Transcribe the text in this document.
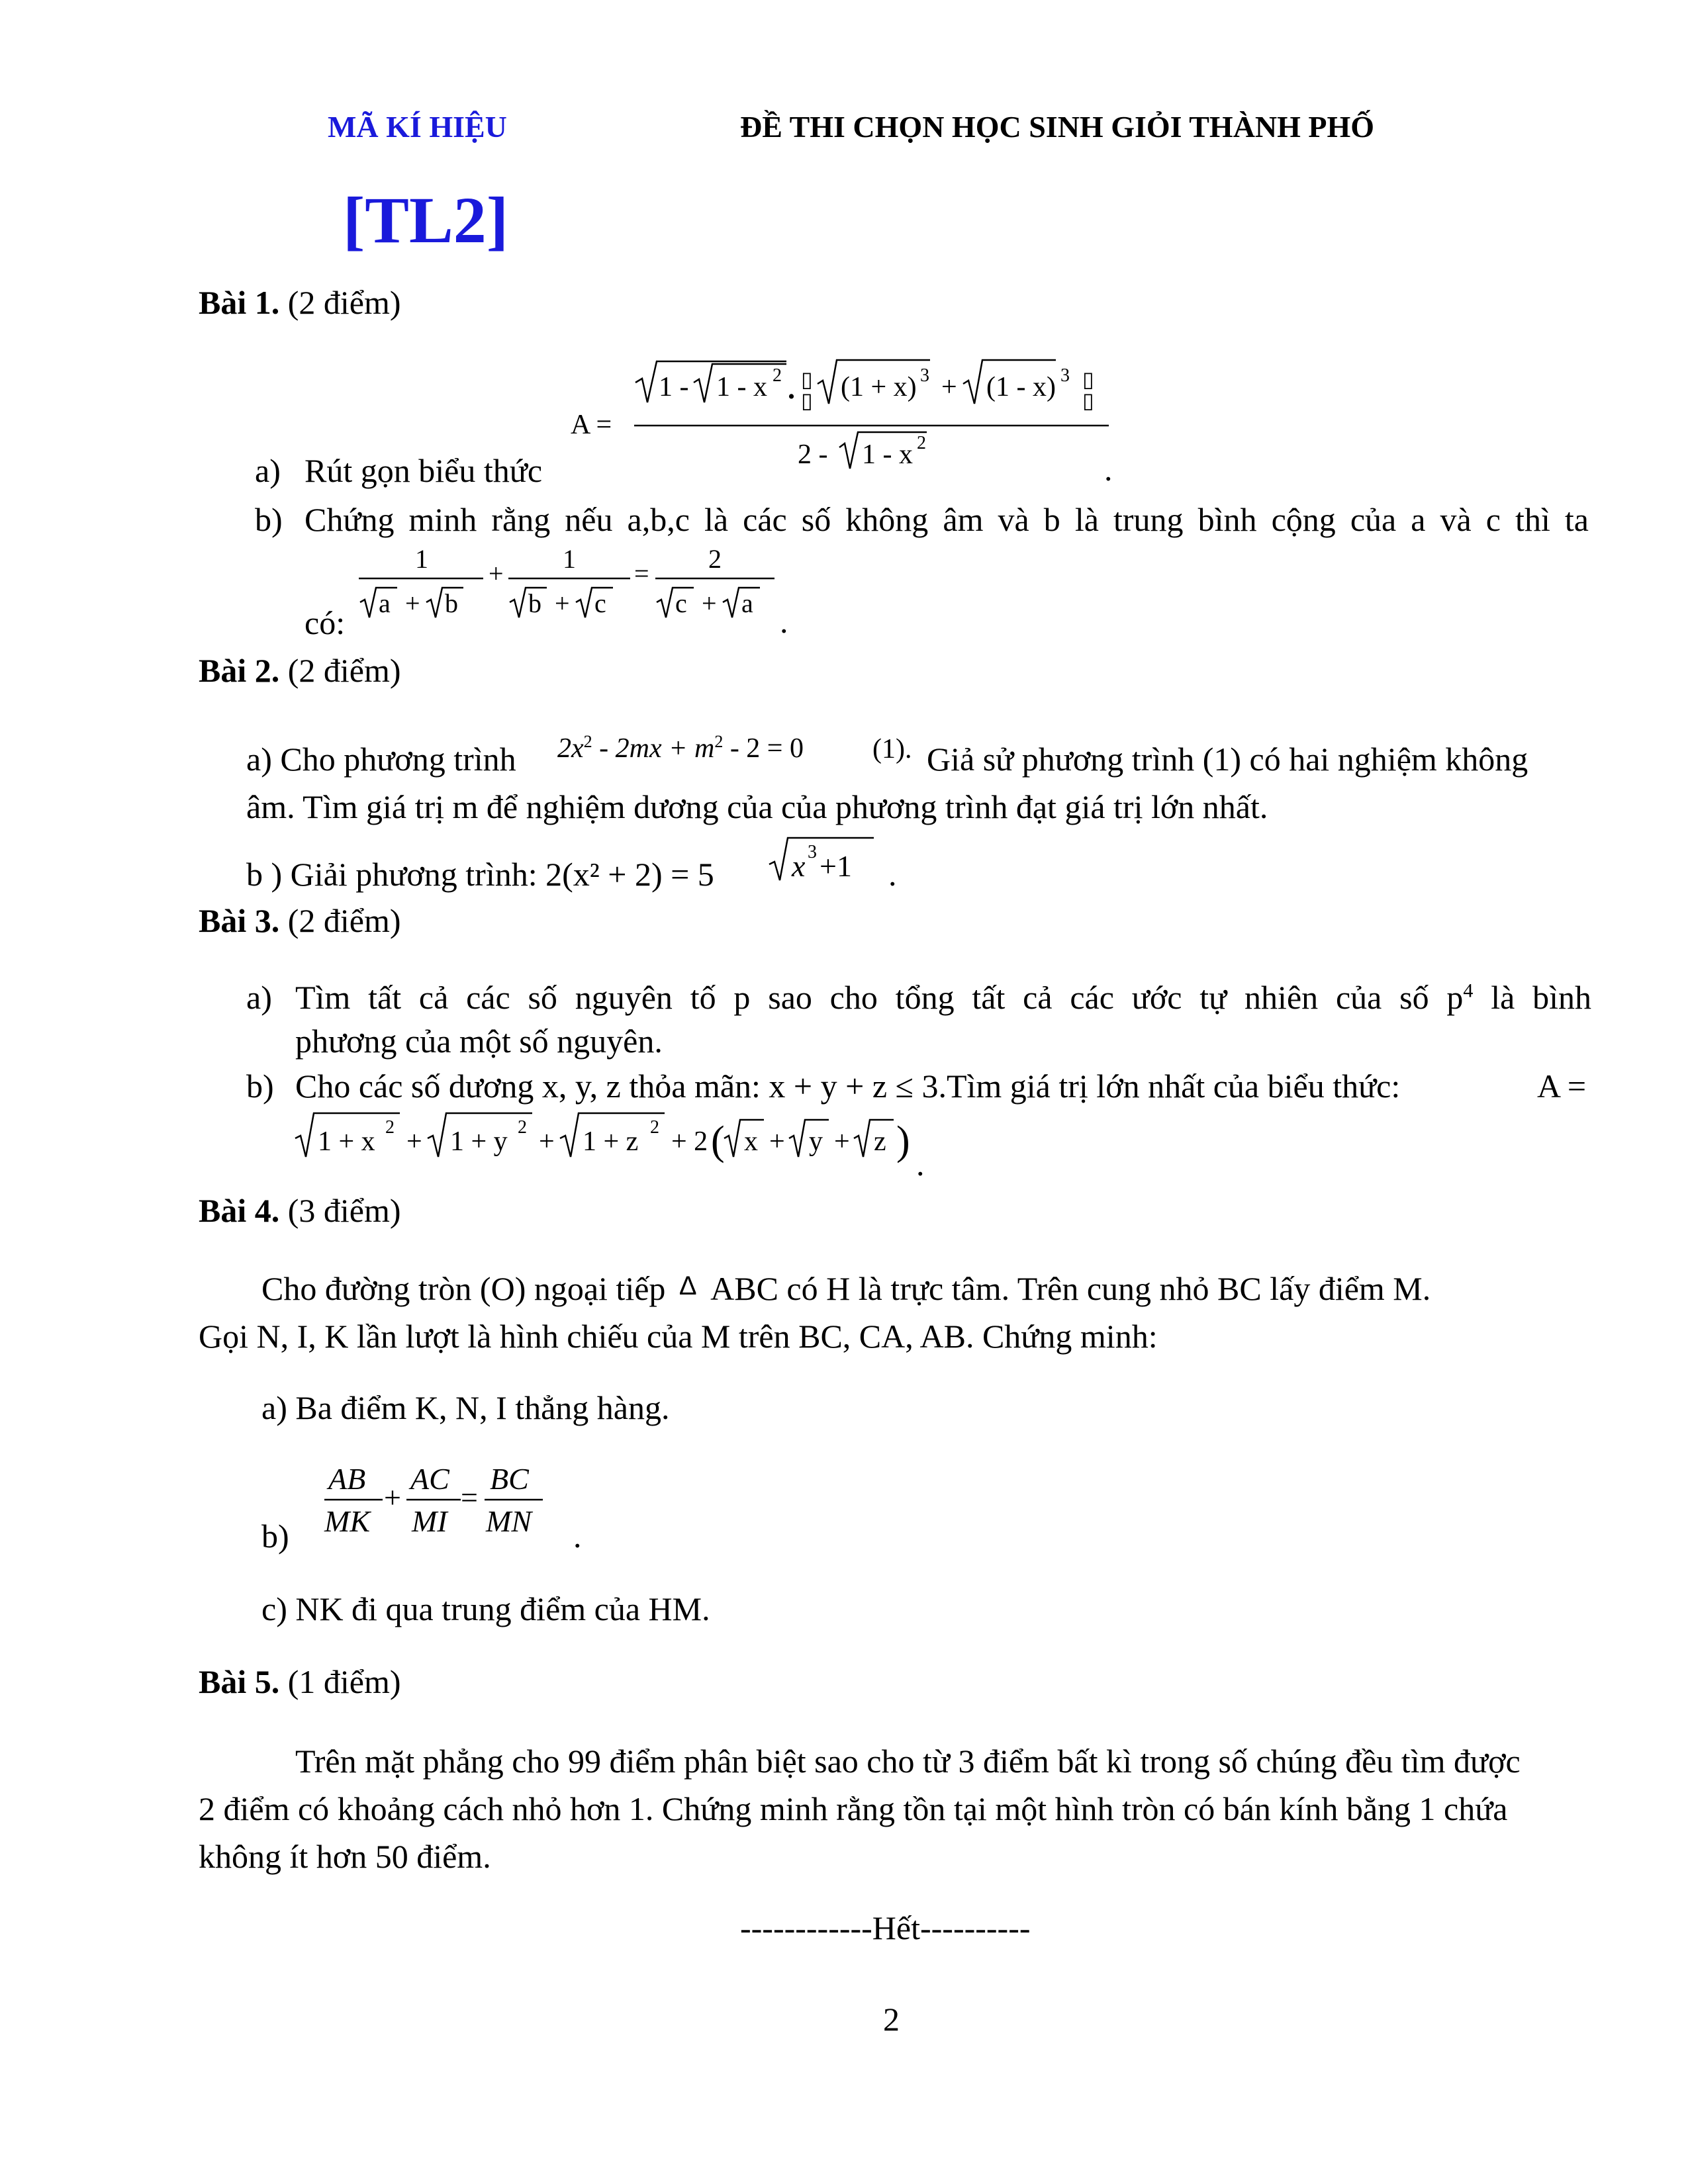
MÃ KÍ HIỆU	ĐỀ THI CHỌN HỌC SINH GIỎI THÀNH PHỐ
[TL2]
Bài 1. (2 điểm)
A =
1 - 1 - x 2 . ▯
▯ (1 + x) 3 + (1 - x) 3 ▯
▯
2 - 1 - x 2
a) Rút gọn biểu thức	.
b) Chứng minh rằng nếu a,b,c là các số không âm và b là trung bình cộng của a và c thì ta
1
a + b
+ 1
b + c
= 2
c + a
có:	.
Bài 2. (2 điểm)
a) Cho phương trình $2x^2 - 2mx + m^2 - 2 = 0$ (1). Giả sử phương trình (1) có hai nghiệm không
âm. Tìm giá trị m để nghiệm dương của của phương trình đạt giá trị lớn nhất.
b ) Giải phương trình: 2(x² + 2) = 5	x 3 +1 .
Bài 3. (2 điểm)
a) Tìm tất cả các số nguyên tố p sao cho tổng tất cả các ước tự nhiên của số $p^4$ là bình
phương của một số nguyên.
b) Cho các số dương x, y, z thỏa mãn: x + y + z ≤ 3.Tìm giá trị lớn nhất của biểu thức:	A =
1 + x 2 + 1 + y 2 + 1 + z 2 + 2 ( x + y + z )
.
Bài 4. (3 điểm)
Cho đường tròn (O) ngoại tiếp Δ ABC có H là trực tâm. Trên cung nhỏ BC lấy điểm M.
Gọi N, I, K lần lượt là hình chiếu của M trên BC, CA, AB. Chứng minh:
a) Ba điểm K, N, I thẳng hàng.
AB
MK
+
AC
MI
=
BC
MN
b)	.
c) NK đi qua trung điểm của HM.
Bài 5. (1 điểm)
Trên mặt phẳng cho 99 điểm phân biệt sao cho từ 3 điểm bất kì trong số chúng đều tìm được
2 điểm có khoảng cách nhỏ hơn 1. Chứng minh rằng tồn tại một hình tròn có bán kính bằng 1 chứa
không ít hơn 50 điểm.
------------Hết----------
2
